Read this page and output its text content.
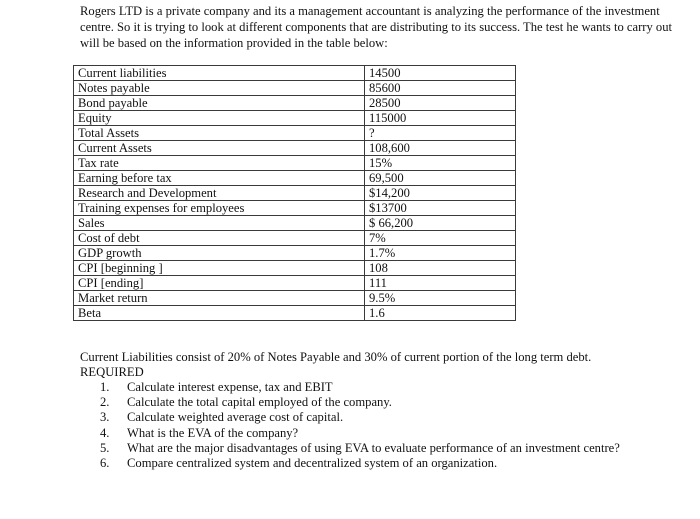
Rogers LTD is a private company and its a management accountant is analyzing the performance of the investment centre. So it is trying to look at different components that are distributing to its success. The test he wants to carry out will be based on the information provided in the table below:

Current liabilities	14500
Notes payable	85600
Bond payable	28500
Equity	115000
Total Assets	?
Current Assets	108,600
Tax rate	15%
Earning before tax	69,500
Research and Development	$14,200
Training expenses for employees	$13700
Sales	$ 66,200
Cost of debt	7%
GDP growth	1.7%
CPI [beginning ]	108
CPI [ending]	111
Market return	9.5%
Beta	1.6

Current Liabilities consist of 20% of Notes Payable and 30% of current portion of the long term debt.

REQUIRED

1.	Calculate interest expense, tax and EBIT
2.	Calculate the total capital employed of the company.
3.	Calculate weighted average cost of capital.
4.	What is the EVA of the company?
5.	What are the major disadvantages of using EVA to evaluate performance of an investment centre?
6.	Compare centralized system and decentralized system of an organization.
